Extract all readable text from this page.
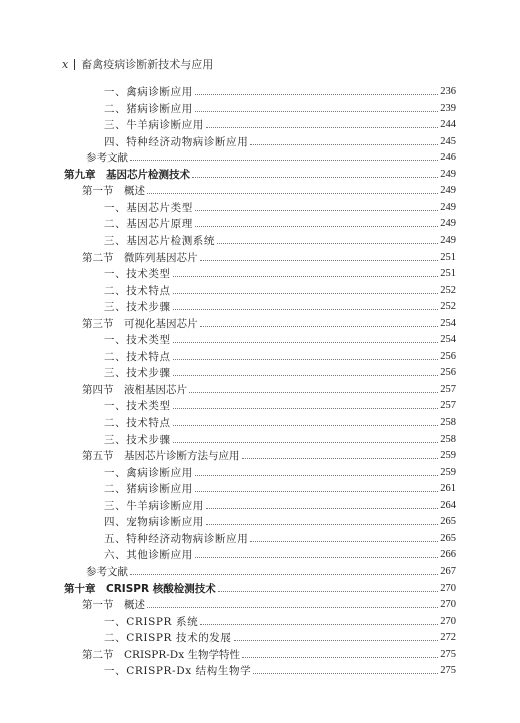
x 畜禽疫病诊断新技术与应用
一、禽病诊断应用	236
二、猪病诊断应用	239
三、牛羊病诊断应用	244
四、特种经济动物病诊断应用	245
参考文献	246
第九章　基因芯片检测技术	249
第一节　概述	249
一、基因芯片类型	249
二、基因芯片原理	249
三、基因芯片检测系统	249
第二节　微阵列基因芯片	251
一、技术类型	251
二、技术特点	252
三、技术步骤	252
第三节　可视化基因芯片	254
一、技术类型	254
二、技术特点	256
三、技术步骤	256
第四节　液相基因芯片	257
一、技术类型	257
二、技术特点	258
三、技术步骤	258
第五节　基因芯片诊断方法与应用	259
一、禽病诊断应用	259
二、猪病诊断应用	261
三、牛羊病诊断应用	264
四、宠物病诊断应用	265
五、特种经济动物病诊断应用	265
六、其他诊断应用	266
参考文献	267
第十章　CRISPR 核酸检测技术	270
第一节　概述	270
一、CRISPR 系统	270
二、CRISPR 技术的发展	272
第二节　CRISPR-Dx 生物学特性	275
一、CRISPR-Dx 结构生物学	275
